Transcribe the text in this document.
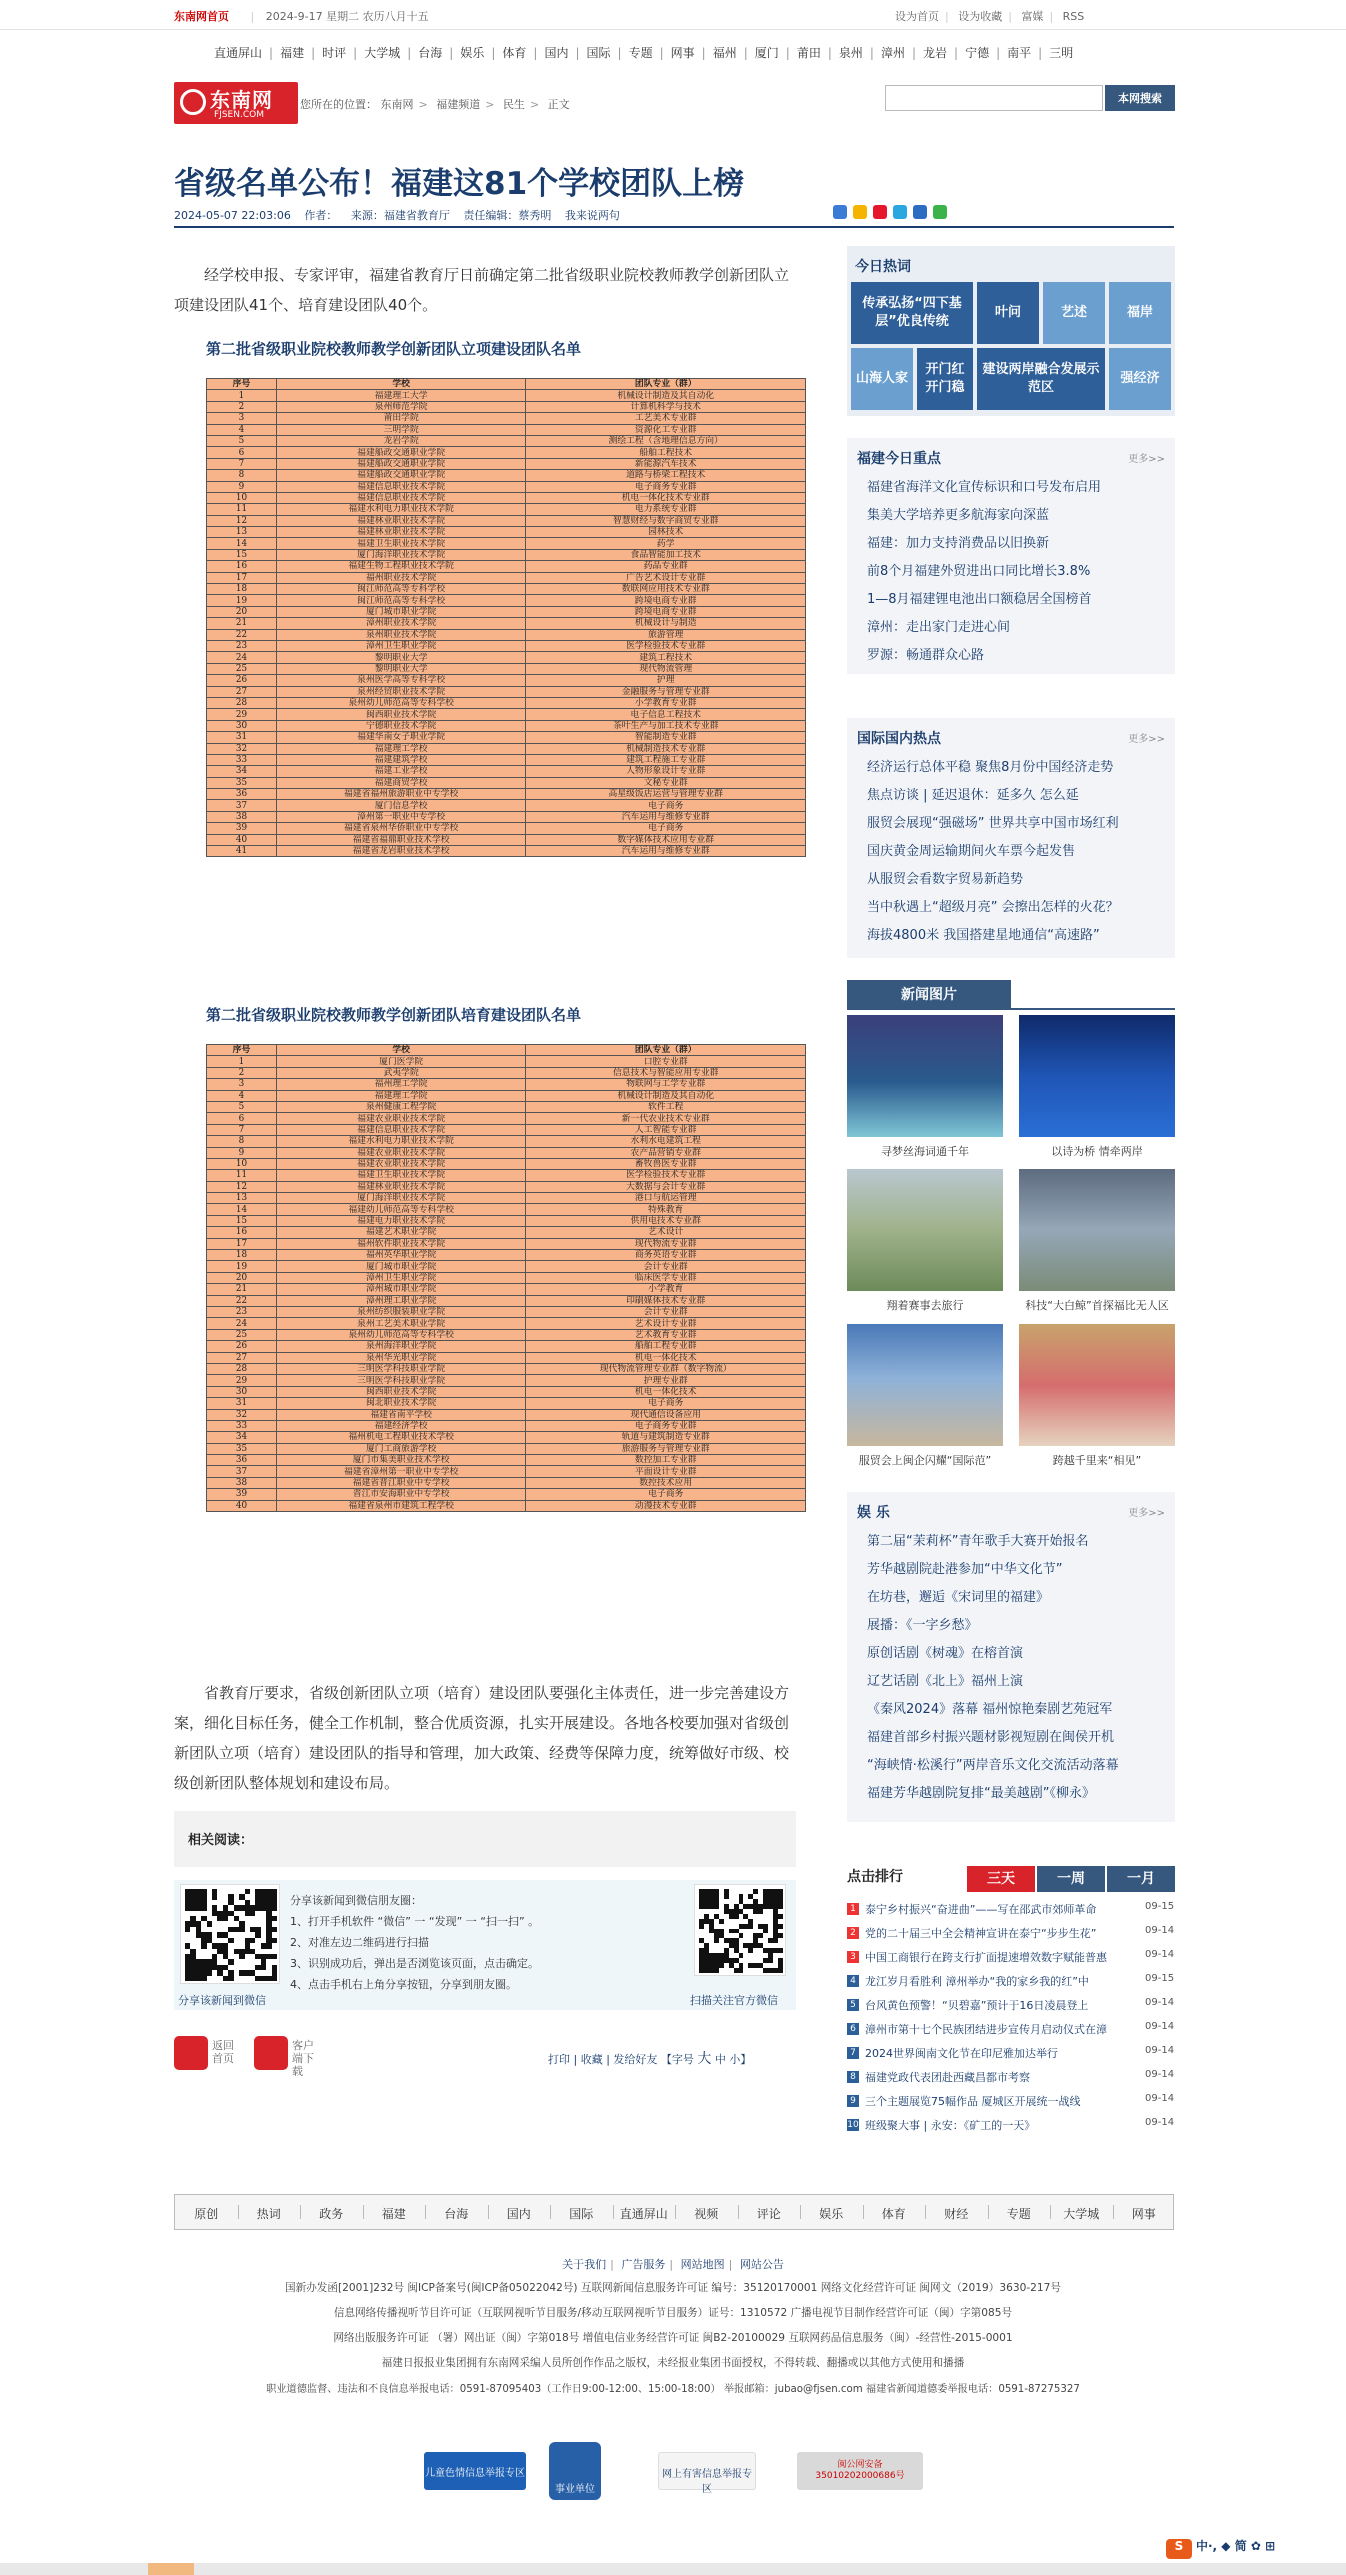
东南网首页 | 2024-9-17 星期二 农历八月十五	设为首页 | 设为收藏 | 富媒 | RSS
直通屏山 | 福建 | 时评 | 大学城 | 台海 | 娱乐 | 体育 | 国内 | 国际 | 专题 | 网事 | 福州 | 厦门 | 莆田 | 泉州 | 漳州 | 龙岩 | 宁德 | 南平 | 三明
东南网
FJSEN.COM
您所在的位置： 东南网 > 福建频道 > 民生 > 正文	本网搜索
省级名单公布！福建这81个学校团队上榜
2024-05-07 22:03:06 作者： 来源：福建省教育厅 责任编辑：蔡秀明 我来说两句

经学校申报、专家评审，福建省教育厅日前确定第二批省级职业院校教师教学创新团队立项建设团队41个、培育建设团队40个。

第二批省级职业院校教师教学创新团队立项建设团队名单
序号	学校	团队专业（群）
1	福建理工大学	机械设计制造及其自动化
2	泉州师范学院	计算机科学与技术
3	莆田学院	工艺美术专业群
4	三明学院	资源化工专业群
5	龙岩学院	测绘工程（含地理信息方向）
6	福建船政交通职业学院	船舶工程技术
7	福建船政交通职业学院	新能源汽车技术
8	福建船政交通职业学院	道路与桥梁工程技术
9	福建信息职业技术学院	电子商务专业群
10	福建信息职业技术学院	机电一体化技术专业群
11	福建水利电力职业技术学院	电力系统专业群
12	福建林业职业技术学院	智慧财经与数字商贸专业群
13	福建林业职业技术学院	园林技术
14	福建卫生职业技术学院	药学
15	厦门海洋职业技术学院	食品智能加工技术
16	福建生物工程职业技术学院	药品专业群
17	福州职业技术学院	广告艺术设计专业群
18	闽江师范高等专科学校	数联网应用技术专业群
19	闽江师范高等专科学校	跨境电商专业群
20	厦门城市职业学院	跨境电商专业群
21	漳州职业技术学院	机械设计与制造
22	泉州职业技术学院	旅游管理
23	漳州卫生职业学院	医学检验技术专业群
24	黎明职业大学	建筑工程技术
25	黎明职业大学	现代物流管理
26	泉州医学高等专科学校	护理
27	泉州经贸职业技术学院	金融服务与管理专业群
28	泉州幼儿师范高等专科学校	小学教育专业群
29	闽西职业技术学院	电子信息工程技术
30	宁德职业技术学院	茶叶生产与加工技术专业群
31	福建华南女子职业学院	智能制造专业群
32	福建理工学校	机械制造技术专业群
33	福建建筑学校	建筑工程施工专业群
34	福建工业学校	人物形象设计专业群
35	福建商贸学校	文秘专业群
36	福建省福州旅游职业中专学校	高星级饭店运营与管理专业群
37	厦门信息学校	电子商务
38	漳州第一职业中专学校	汽车运用与维修专业群
39	福建省泉州华侨职业中专学校	电子商务
40	福建省福鼎职业技术学校	数字媒体技术应用专业群
41	福建省龙岩职业技术学校	汽车运用与维修专业群
第二批省级职业院校教师教学创新团队培育建设团队名单
序号	学校	团队专业（群）
1	厦门医学院	口腔专业群
2	武夷学院	信息技术与智能应用专业群
3	福州理工学院	物联网与工学专业群
4	福建理工学院	机械设计制造及其自动化
5	泉州健康工程学院	软件工程
6	福建农业职业技术学院	新一代农业技术专业群
7	福建信息职业技术学院	人工智能专业群
8	福建水利电力职业技术学院	水利水电建筑工程
9	福建农业职业技术学院	农产品营销专业群
10	福建农业职业技术学院	畜牧兽医专业群
11	福建卫生职业技术学院	医学检验技术专业群
12	福建林业职业技术学院	大数据与会计专业群
13	厦门海洋职业技术学院	港口与航运管理
14	福建幼儿师范高等专科学校	特殊教育
15	福建电力职业技术学院	供用电技术专业群
16	福建艺术职业学院	艺术设计
17	福州软件职业技术学院	现代物流专业群
18	福州英华职业学院	商务英语专业群
19	厦门城市职业学院	会计专业群
20	漳州卫生职业学院	临床医学专业群
21	漳州城市职业学院	小学教育
22	漳州理工职业学院	印刷媒体技术专业群
23	泉州纺织服装职业学院	会计专业群
24	泉州工艺美术职业学院	艺术设计专业群
25	泉州幼儿师范高等专科学校	艺术教育专业群
26	泉州海洋职业学院	船舶工程专业群
27	泉州华光职业学院	机电一体化技术
28	三明医学科技职业学院	现代物流管理专业群（数字物流）
29	三明医学科技职业学院	护理专业群
30	闽西职业技术学院	机电一体化技术
31	闽北职业技术学院	电子商务
32	福建省南平学校	现代通信设备应用
33	福建经济学校	电子商务专业群
34	福州机电工程职业技术学校	轨道与建筑制造专业群
35	厦门工商旅游学校	旅游服务与管理专业群
36	厦门市集美职业技术学校	数控加工专业群
37	福建省漳州第一职业中专学校	平面设计专业群
38	福建省晋江职业中专学校	数控技术应用
39	晋江市安海职业中专学校	电子商务
40	福建省泉州市建筑工程学校	动漫技术专业群

省教育厅要求，省级创新团队立项（培育）建设团队要强化主体责任，进一步完善建设方案，细化目标任务，健全工作机制，整合优质资源，扎实开展建设。各地各校要加强对省级创新团队立项（培育）建设团队的指导和管理，加大政策、经费等保障力度，统筹做好市级、校级创新团队整体规划和建设布局。

相关阅读：
分享该新闻到微信
分享该新闻到微信朋友圈：
1、打开手机软件 “微信” 一 “发现” 一 “扫一扫” 。
2、对准左边二维码进行扫描
3、识别成功后，弹出是否浏览该页面，点击确定。
4、点击手机右上角分享按钮，分享到朋友圈。
扫描关注官方微信
返回首页
客户端下载
打印 | 收藏 | 发给好友 【字号 大 中 小】
今日热词
传承弘扬“四下基层”优良传统
叶问	艺述	福岸
山海人家
开门红 开门稳
建设两岸融合发展示范区
强经济
福建今日重点	更多>>
福建省海洋文化宣传标识和口号发布启用
集美大学培养更多航海家向深蓝
福建：加力支持消费品以旧换新
前8个月福建外贸进出口同比增长3.8%
1—8月福建锂电池出口额稳居全国榜首
漳州：走出家门走进心间
罗源：畅通群众心路
国际国内热点	更多>>
经济运行总体平稳 聚焦8月份中国经济走势
焦点访谈 | 延迟退休：延多久 怎么延
服贸会展现“强磁场” 世界共享中国市场红利
国庆黄金周运输期间火车票今起发售
从服贸会看数字贸易新趋势
当中秋遇上“超级月亮” 会擦出怎样的火花？
海拔4800米 我国搭建星地通信“高速路”
新闻图片
寻梦丝海词通千年	以诗为桥 情牵两岸
翔着赛事去旅行	科技“大白鲸”首探福比无人区
服贸会上闽企闪耀“国际范”	跨越千里来“相见”
娱 乐	更多>>
第二届“茉莉杯”青年歌手大赛开始报名
芳华越剧院赴港参加“中华文化节”
在坊巷，邂逅《宋词里的福建》
展播：《一字乡愁》
原创话剧《树魂》在榕首演
辽艺话剧《北上》福州上演
《秦风2024》落幕 福州惊艳秦剧艺苑冠军
福建首部乡村振兴题材影视短剧在闽侯开机
“海峡情·松溪行”两岸音乐文化交流活动落幕
福建芳华越剧院复排“最美越剧”《柳永》
点击排行	三天	一周	一月
1 泰宁乡村振兴“奋进曲”——写在邵武市郊师革命	09-15
2 党的二十届三中全会精神宣讲在泰宁“步步生花”	09-14
3 中国工商银行在跨支行扩面提速增效数字赋能普惠	09-14
4 龙江岁月看胜利 漳州举办“我的家乡我的红”中	09-15
5 台风黄色预警！“贝碧嘉”预计于16日凌晨登上	09-14
6 漳州市第十七个民族团结进步宣传月启动仪式在漳	09-14
7 2024世界闽南文化节在印尼雅加达举行	09-14
8 福建党政代表团赴西藏昌都市考察	09-14
9 三个主题展览75幅作品 厦城区开展统一战线	09-14
10 班级聚大事 | 永安：《矿工的一天》	09-14
原创	热词	政务	福建	台海	国内	国际	直通屏山	视频	评论	娱乐	体育	财经	专题	大学城	网事
关于我们 | 广告服务 | 网站地图 | 网站公告
国新办发函[2001]232号 闽ICP备案号(闽ICP备05022042号) 互联网新闻信息服务许可证 编号：35120170001 网络文化经营许可证 闽网文（2019）3630-217号
信息网络传播视听节目许可证（互联网视听节目服务/移动互联网视听节目服务）证号：1310572 广播电视节目制作经营许可证（闽）字第085号
网络出版服务许可证 （署）网出证（闽）字第018号 增值电信业务经营许可证 闽B2-20100029 互联网药品信息服务（闽）-经营性-2015-0001
福建日报报业集团拥有东南网采编人员所创作作品之版权，未经报业集团书面授权，不得转载、翻播或以其他方式使用和播播
职业道德监督、违法和不良信息举报电话：0591-87095403（工作日9:00-12:00、15:00-18:00） 举报邮箱：jubao@fjsen.com 福建省新闻道德委举报电话：0591-87275327
儿童色情信息举报专区
事业单位
网上有害信息举报专区
闽公网安备 35010202000686号
S 中·, ◆ 简 ✿ ⊞
